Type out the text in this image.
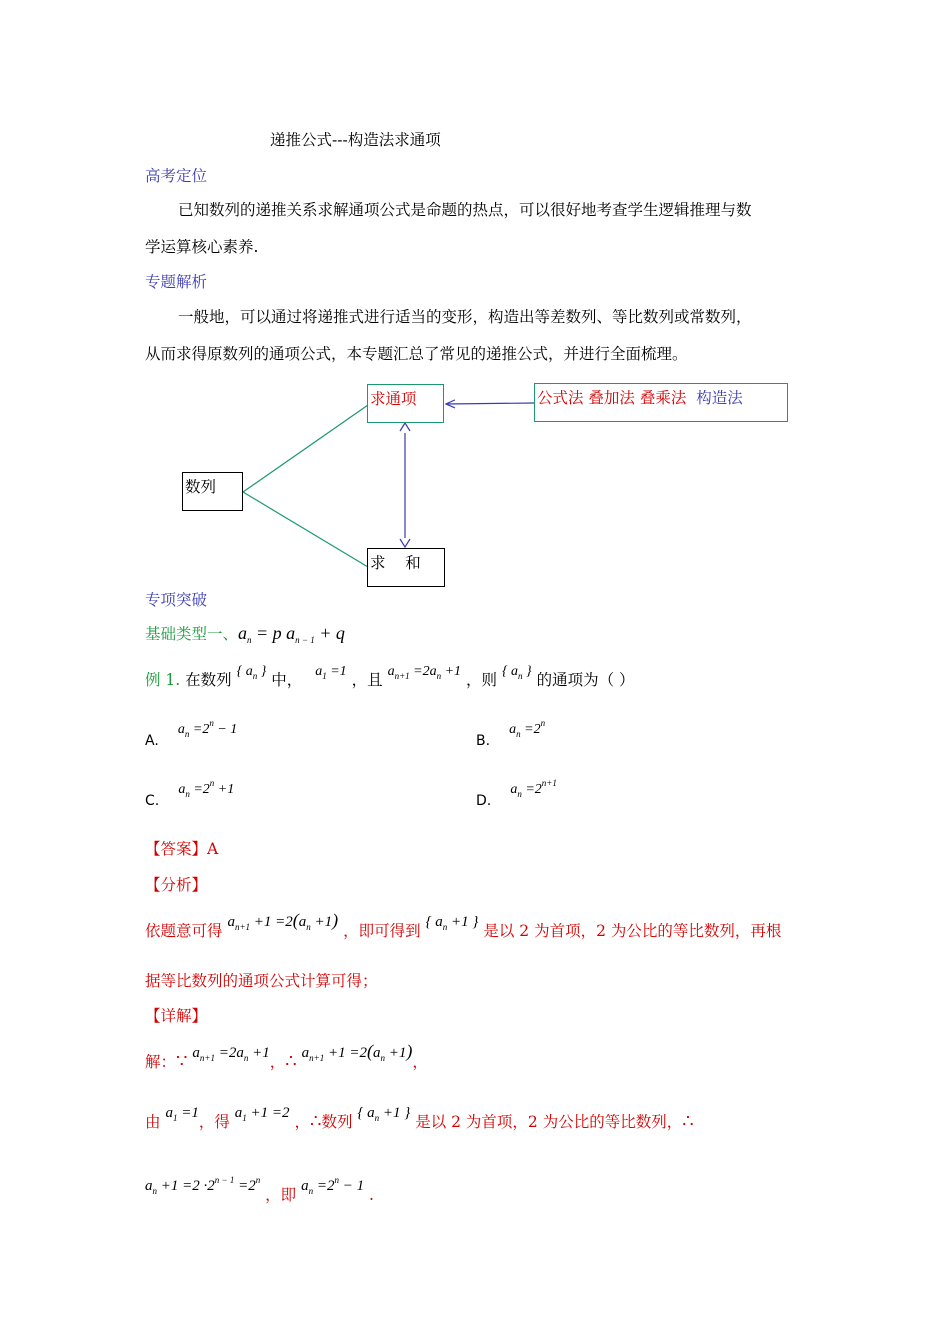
递推公式---构造法求通项
高考定位
已知数列的递推关系求解通项公式是命题的热点，可以很好地考查学生逻辑推理与数
学运算核心素养.
专题解析
一般地，可以通过将递推式进行适当的变形，构造出等差数列、等比数列或常数列，
从而求得原数列的通项公式，本专题汇总了常见的递推公式，并进行全面梳理。
求通项	公式法 叠加法 叠乘法 构造法
数列
求    和
专项突破
基础类型一、$a_n = p$ $a_{n - 1} + q$
例 1. 在数列 { $a_n$ } 中， $a_1 =1$ ，且 $a_{n+1} =2a_n +1$ ，则 { $a_n$ } 的通项为（ ）
A. $a_n =2^n - 1$
B. $a_n =2^n$
C. $a_n =2^n +1$
D. $a_n =2^{n+1}$
【答案】A
【分析】
依题意可得 $a_{n+1} +1 =2(a_n +1)$ ，即可得到 { $a_n +1$ } 是以 2 为首项，2 为公比的等比数列，再根
据等比数列的通项公式计算可得；
【详解】
解：∵ $a_{n+1} =2a_n +1$，∴ $a_{n+1} +1 =2(a_n +1)$，
由 $a_1 =1$，得 $a_1 +1 =2$ ，∴数列 { $a_n +1$ } 是以 2 为首项，2 为公比的等比数列，∴
$a_n +1 =2 \cdot 2^{n - 1} =2^n$ ，即 $a_n =2^n - 1$ .
